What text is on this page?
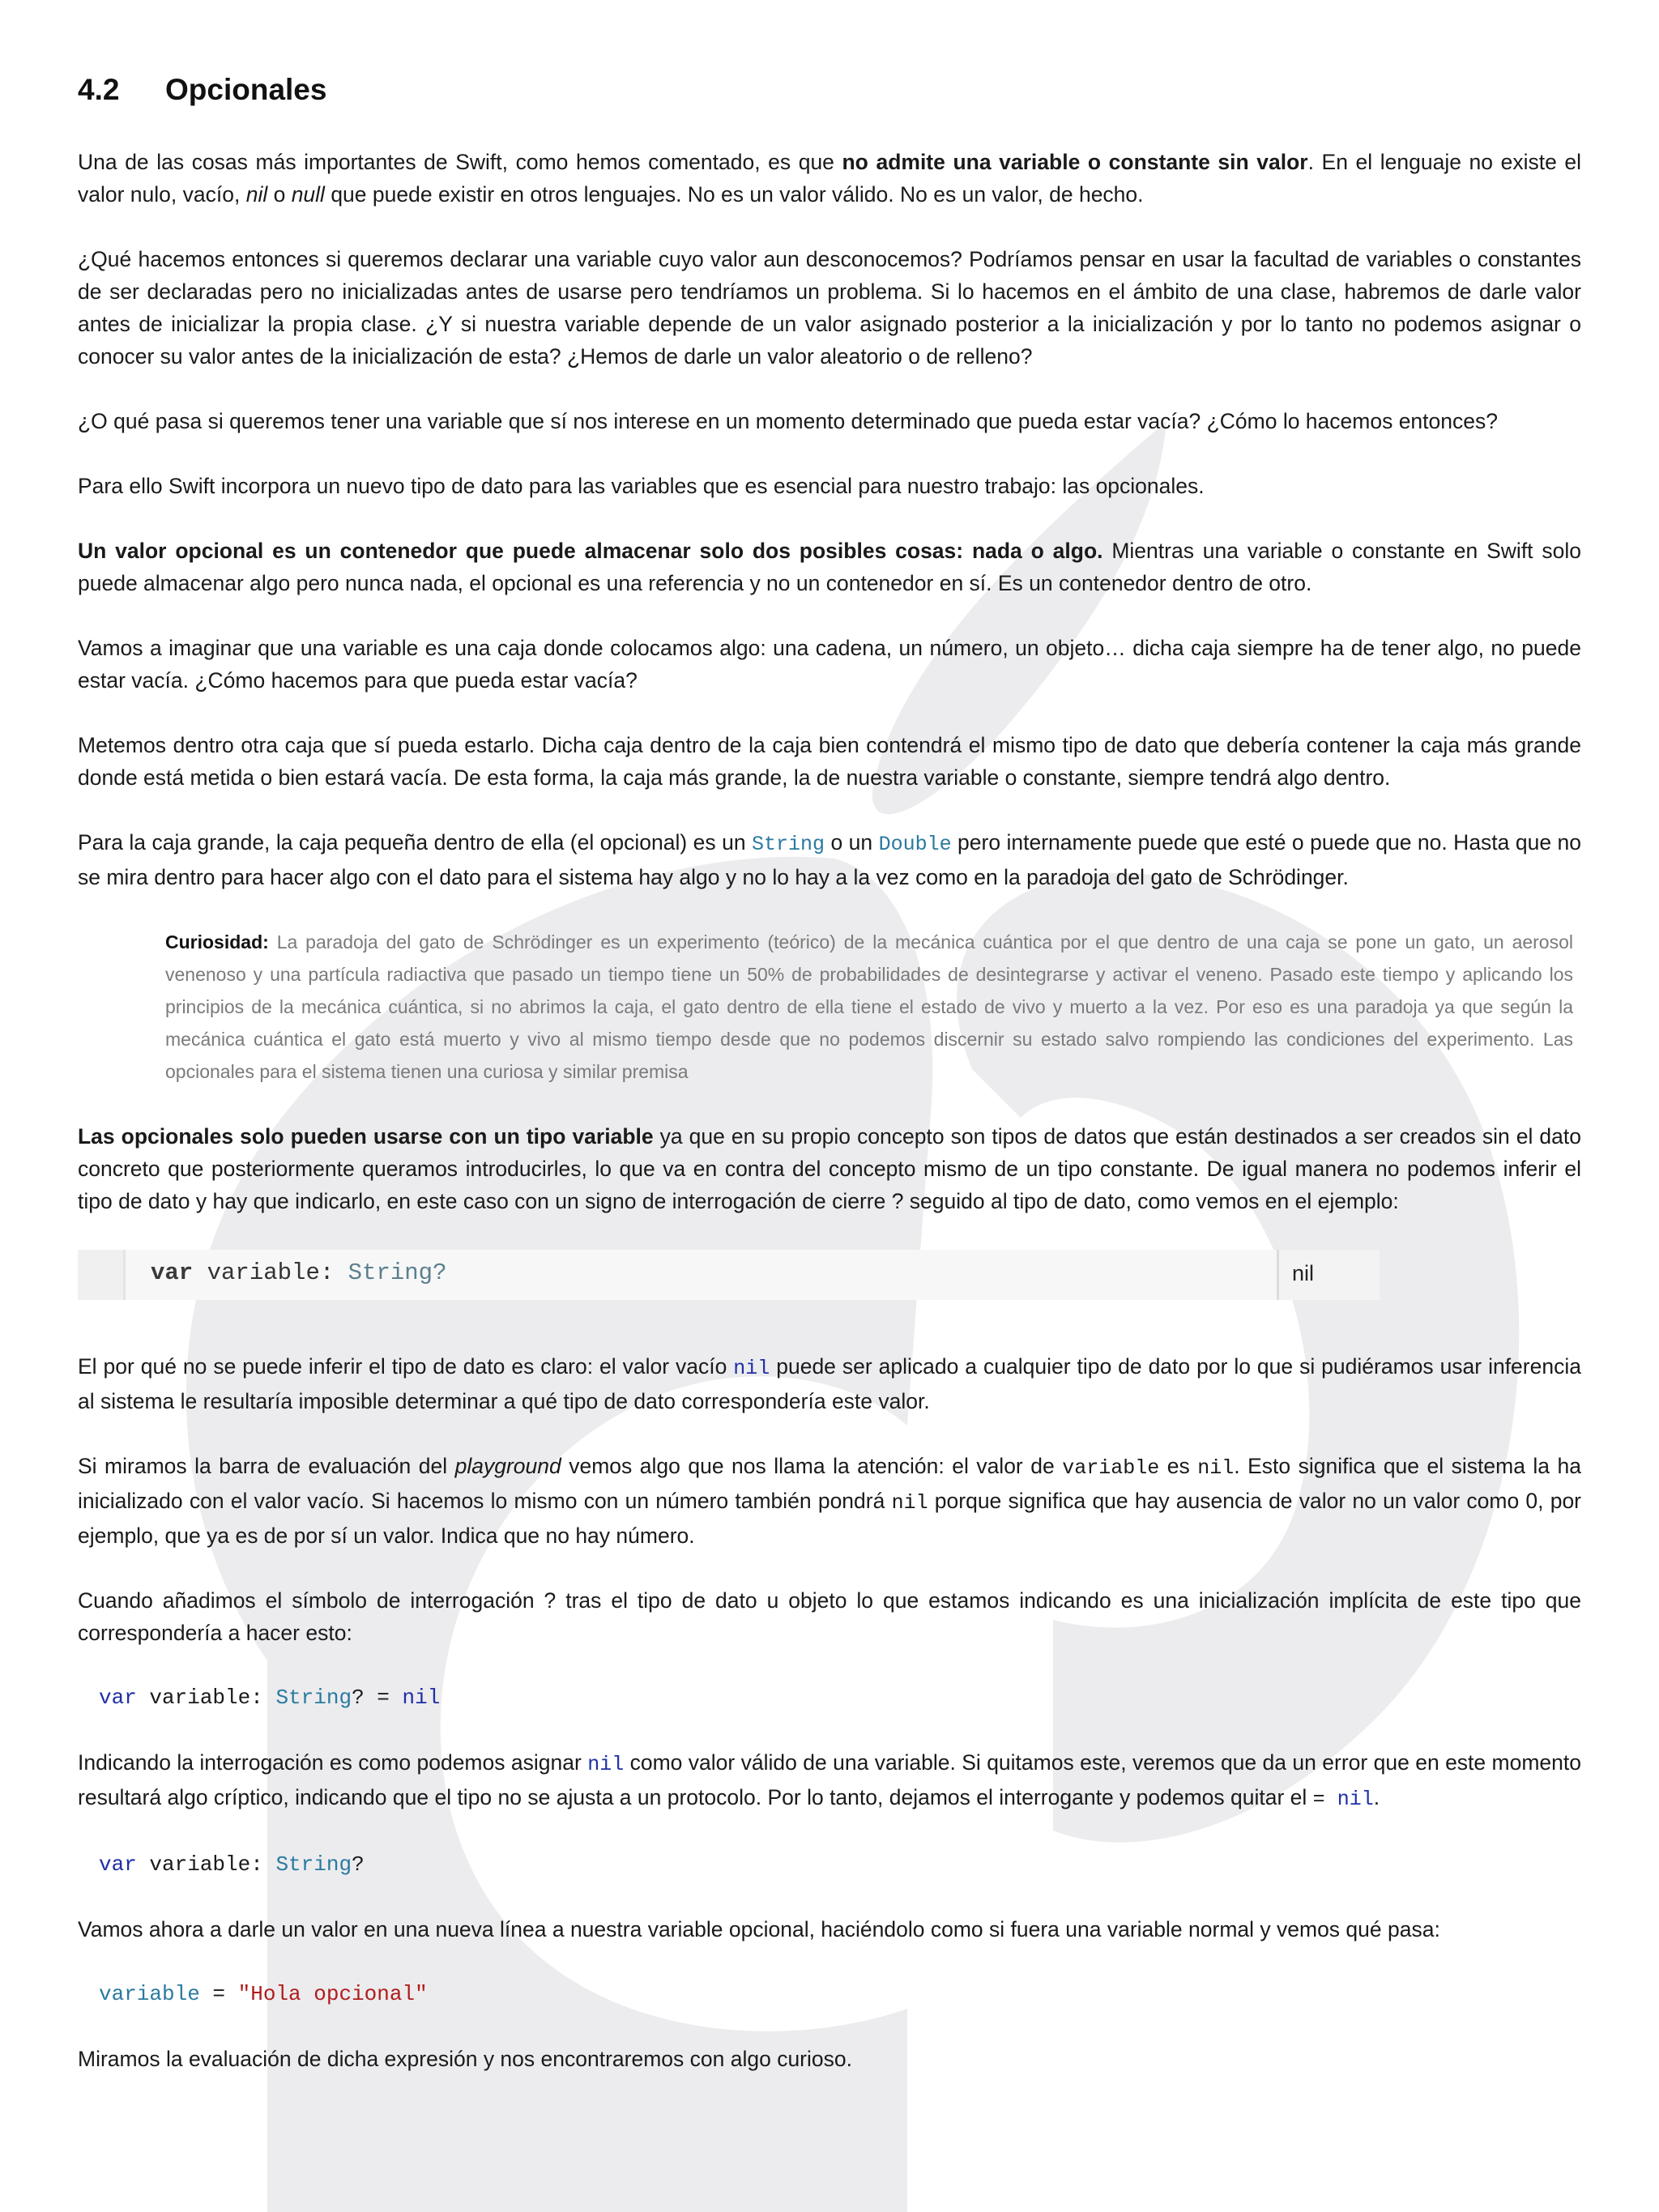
4.2	Opcionales

Una de las cosas más importantes de Swift, como hemos comentado, es que no admite una variable o constante sin valor. En el lenguaje no existe el valor nulo, vacío, nil o null que puede existir en otros lenguajes. No es un valor válido. No es un valor, de hecho.

¿Qué hacemos entonces si queremos declarar una variable cuyo valor aun desconocemos? Podríamos pensar en usar la facultad de variables o constantes de ser declaradas pero no inicializadas antes de usarse pero tendríamos un problema. Si lo hacemos en el ámbito de una clase, habremos de darle valor antes de inicializar la propia clase. ¿Y si nuestra variable depende de un valor asignado posterior a la inicialización y por lo tanto no podemos asignar o conocer su valor antes de la inicialización de esta? ¿Hemos de darle un valor aleatorio o de relleno?

¿O qué pasa si queremos tener una variable que sí nos interese en un momento determinado que pueda estar vacía? ¿Cómo lo hacemos entonces?

Para ello Swift incorpora un nuevo tipo de dato para las variables que es esencial para nuestro trabajo: las opcionales.

Un valor opcional es un contenedor que puede almacenar solo dos posibles cosas: nada o algo. Mientras una variable o constante en Swift solo puede almacenar algo pero nunca nada, el opcional es una referencia y no un contenedor en sí. Es un contenedor dentro de otro.

Vamos a imaginar que una variable es una caja donde colocamos algo: una cadena, un número, un objeto… dicha caja siempre ha de tener algo, no puede estar vacía. ¿Cómo hacemos para que pueda estar vacía?

Metemos dentro otra caja que sí pueda estarlo. Dicha caja dentro de la caja bien contendrá el mismo tipo de dato que debería contener la caja más grande donde está metida o bien estará vacía. De esta forma, la caja más grande, la de nuestra variable o constante, siempre tendrá algo dentro.

Para la caja grande, la caja pequeña dentro de ella (el opcional) es un String o un Double pero internamente puede que esté o puede que no. Hasta que no se mira dentro para hacer algo con el dato para el sistema hay algo y no lo hay a la vez como en la paradoja del gato de Schrödinger.

Curiosidad: La paradoja del gato de Schrödinger es un experimento (teórico) de la mecánica cuántica por el que dentro de una caja se pone un gato, un aerosol venenoso y una partícula radiactiva que pasado un tiempo tiene un 50% de probabilidades de desintegrarse y activar el veneno. Pasado este tiempo y aplicando los principios de la mecánica cuántica, si no abrimos la caja, el gato dentro de ella tiene el estado de vivo y muerto a la vez. Por eso es una paradoja ya que según la mecánica cuántica el gato está muerto y vivo al mismo tiempo desde que no podemos discernir su estado salvo rompiendo las condiciones del experimento. Las opcionales para el sistema tienen una curiosa y similar premisa

Las opcionales solo pueden usarse con un tipo variable ya que en su propio concepto son tipos de datos que están destinados a ser creados sin el dato concreto que posteriormente queramos introducirles, lo que va en contra del concepto mismo de un tipo constante. De igual manera no podemos inferir el tipo de dato y hay que indicarlo, en este caso con un signo de interrogación de cierre ? seguido al tipo de dato, como vemos en el ejemplo:

var variable: String?	nil

El por qué no se puede inferir el tipo de dato es claro: el valor vacío nil puede ser aplicado a cualquier tipo de dato por lo que si pudiéramos usar inferencia al sistema le resultaría imposible determinar a qué tipo de dato correspondería este valor.

Si miramos la barra de evaluación del playground vemos algo que nos llama la atención: el valor de variable es nil. Esto significa que el sistema la ha inicializado con el valor vacío. Si hacemos lo mismo con un número también pondrá nil porque significa que hay ausencia de valor no un valor como 0, por ejemplo, que ya es de por sí un valor. Indica que no hay número.

Cuando añadimos el símbolo de interrogación ? tras el tipo de dato u objeto lo que estamos indicando es una inicialización implícita de este tipo que correspondería a hacer esto:

var variable: String? = nil

Indicando la interrogación es como podemos asignar nil como valor válido de una variable. Si quitamos este, veremos que da un error que en este momento resultará algo críptico, indicando que el tipo no se ajusta a un protocolo. Por lo tanto, dejamos el interrogante y podemos quitar el = nil.

var variable: String?

Vamos ahora a darle un valor en una nueva línea a nuestra variable opcional, haciéndolo como si fuera una variable normal y vemos qué pasa:

variable = "Hola opcional"

Miramos la evaluación de dicha expresión y nos encontraremos con algo curioso.
